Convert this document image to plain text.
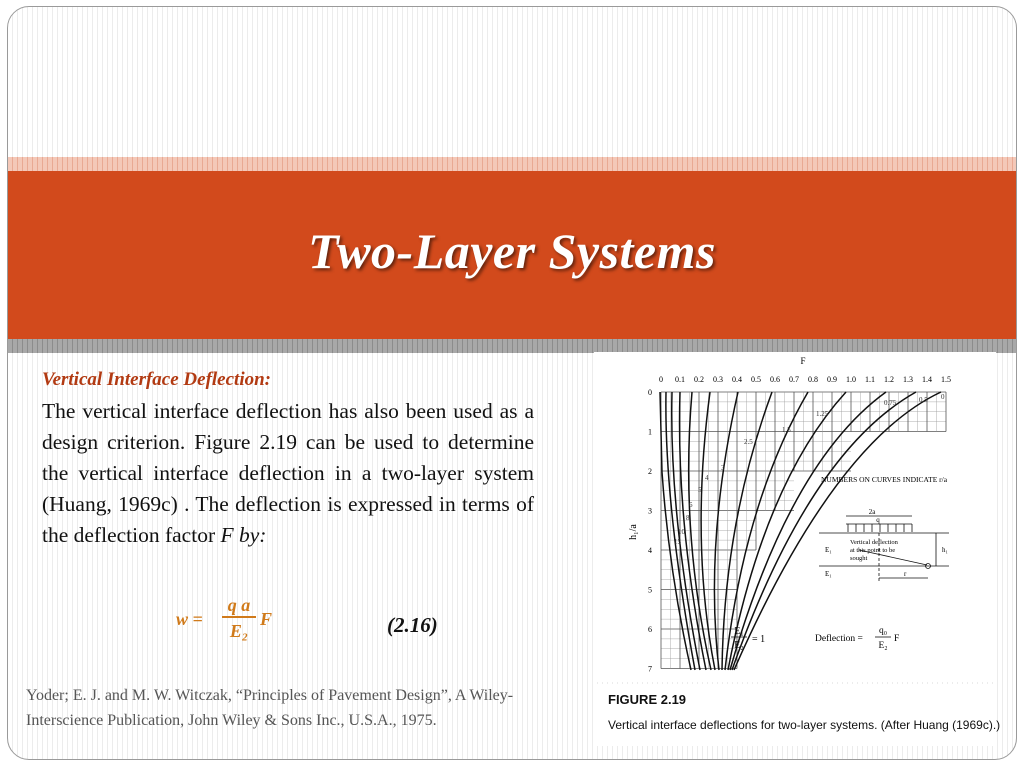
Two-Layer Systems
Vertical Interface Deflection:
The vertical interface deflection has also been used as a design criterion. Figure 2.19 can be used to determine the vertical interface deflection in a two-layer system (Huang, 1969c) . The deflection is expressed in terms of the deflection factor F by:
w =
q a
E₂
F	(2.16)
Yoder; E. J. and M. W. Witczak, “Principles of Pavement Design”, A Wiley- Interscience Publication, John Wiley & Sons Inc., U.S.A., 1975.
F
0 0.1 0.2 0.3 0.4 0.5 0.6 0.7 0.8 0.9 1.0 1.1 1.2 1.3 1.4 1.5
0
1
2
3
4
5
6
7
h₁/a
0.75	0.5 0
1.25
1.5
2.5
3
4
5
6
8
10
15
NUMBERS ON CURVES INDICATE r/a
2a
q
Vertical deflection
at this point to be
sought
E₁
E₁
h₁
r
E₁
E₂
= 1	Deflection =
q₀
E₂
F
FIGURE 2.19
Vertical interface deflections for two-layer systems. (After Huang (1969c).)
